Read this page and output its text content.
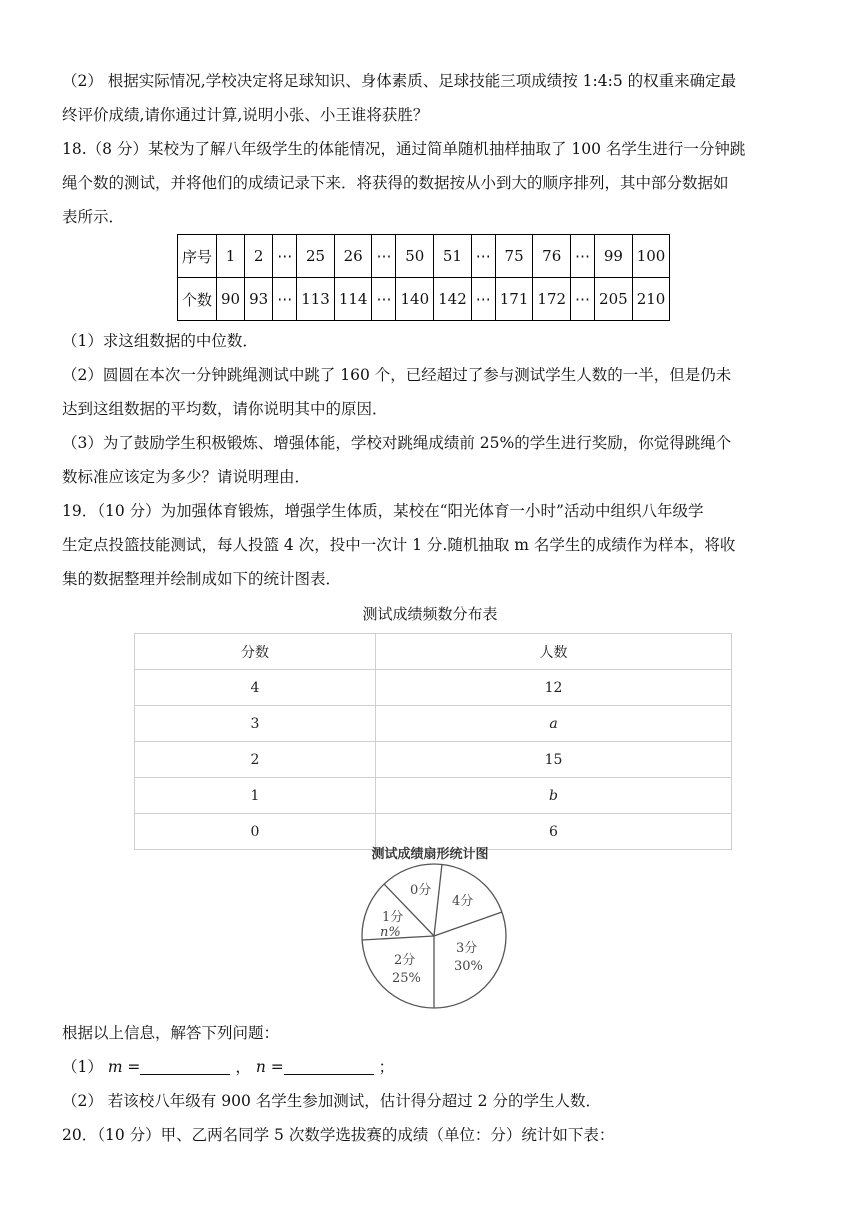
（2） 根据实际情况,学校决定将足球知识、身体素质、足球技能三项成绩按 1:4:5 的权重来确定最
终评价成绩,请你通过计算,说明小张、小王谁将获胜？
18.（8 分）某校为了解八年级学生的体能情况，通过简单随机抽样抽取了 100 名学生进行一分钟跳
绳个数的测试，并将他们的成绩记录下来．将获得的数据按从小到大的顺序排列，其中部分数据如
表所示．
序号	1	2	⋯	25	26	⋯	50	51	⋯	75	76	⋯	99	100
个数	90	93	⋯	113	114	⋯	140	142	⋯	171	172	⋯	205	210
（1）求这组数据的中位数．
（2）圆圆在本次一分钟跳绳测试中跳了 160 个，已经超过了参与测试学生人数的一半，但是仍未
达到这组数据的平均数，请你说明其中的原因．
（3）为了鼓励学生积极锻炼、增强体能，学校对跳绳成绩前 25%的学生进行奖励，你觉得跳绳个
数标准应该定为多少？请说明理由．
19．（10 分）为加强体育锻炼，增强学生体质，某校在“阳光体育一小时”活动中组织八年级学
生定点投篮技能测试，每人投篮 4 次，投中一次计 1 分.随机抽取 m 名学生的成绩作为样本，将收
集的数据整理并绘制成如下的统计图表．
测试成绩频数分布表
分数	人数
4	12
3	a
2	15
1	b
0	6
测试成绩扇形统计图
0分
4分
3分
30%
2分
25%
1分
n%
根据以上信息，解答下列问题：
（1） m =	， n =	；
（2） 若该校八年级有 900 名学生参加测试，估计得分超过 2 分的学生人数．
20．（10 分）甲、乙两名同学 5 次数学选拔赛的成绩（单位：分）统计如下表：
